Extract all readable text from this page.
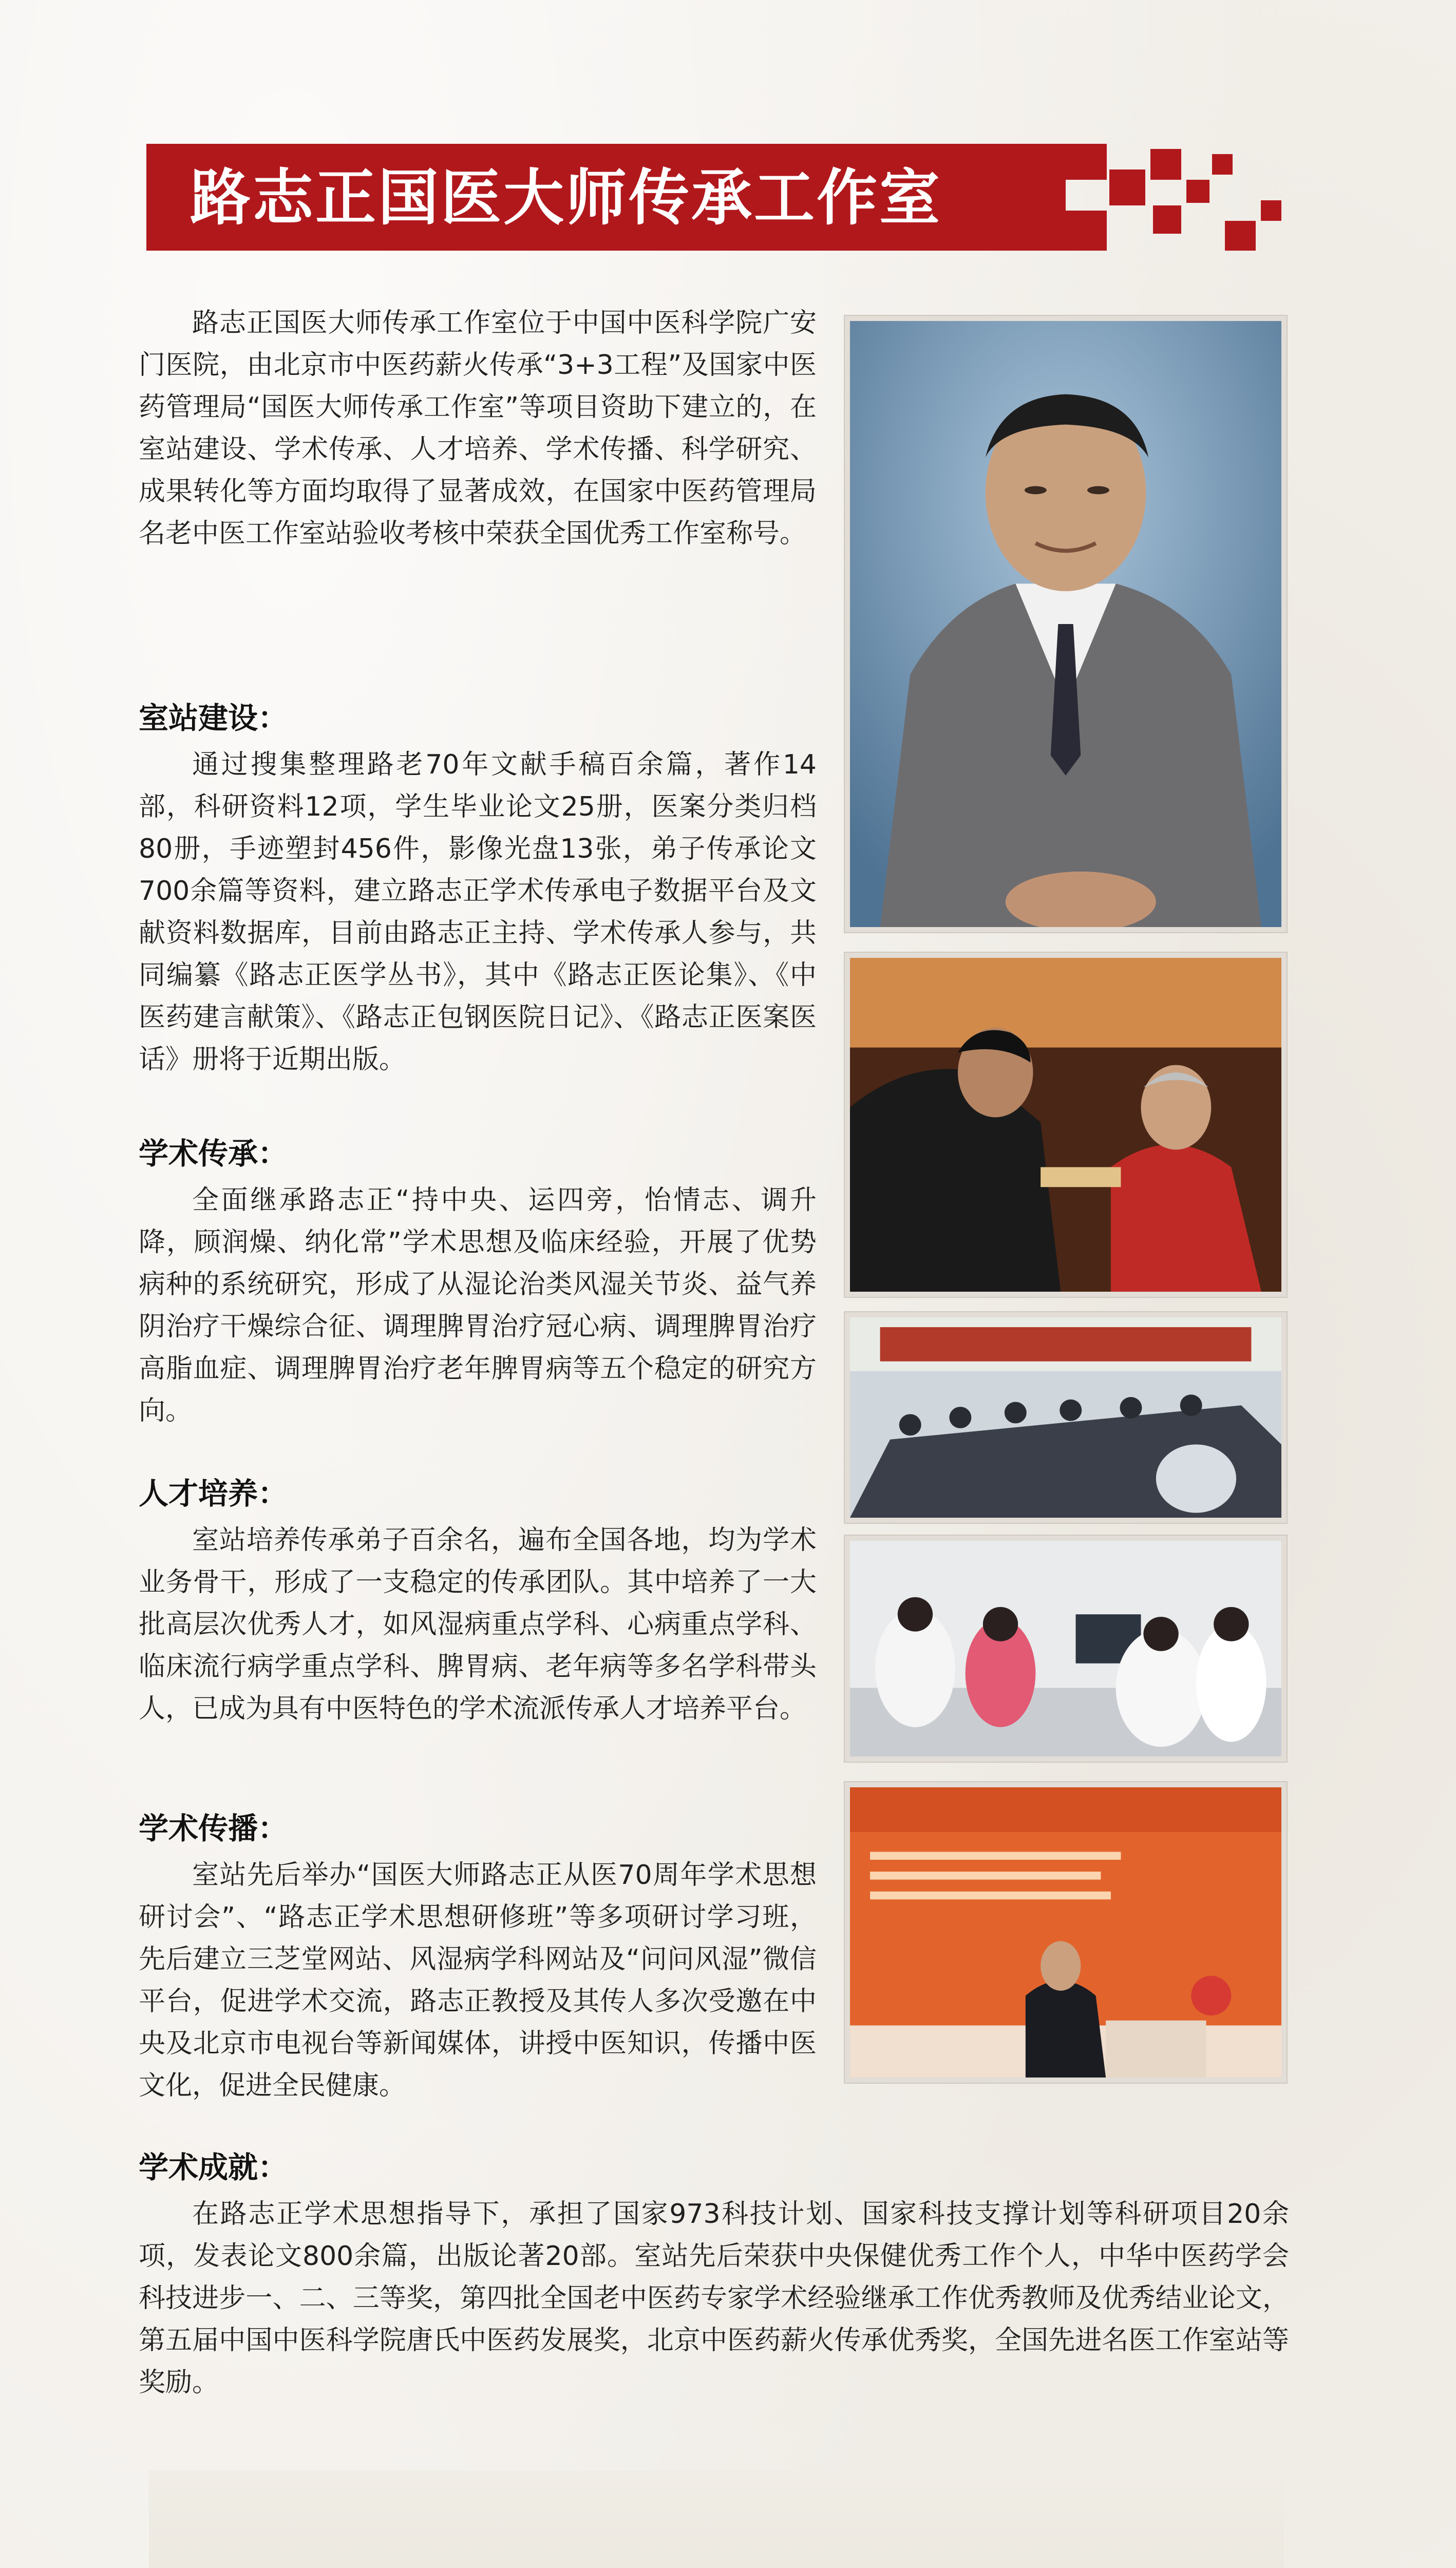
路志正国医大师传承工作室

路志正国医大师传承工作室位于中国中医科学院广安门医院，由北京市中医药薪火传承“3+3工程”及国家中医药管理局“国医大师传承工作室”等项目资助下建立的，在室站建设、学术传承、人才培养、学术传播、科学研究、成果转化等方面均取得了显著成效，在国家中医药管理局名老中医工作室站验收考核中荣获全国优秀工作室称号。

室站建设：

通过搜集整理路老70年文献手稿百余篇，著作14部，科研资料12项，学生毕业论文25册，医案分类归档80册，手迹塑封456件，影像光盘13张，弟子传承论文700余篇等资料，建立路志正学术传承电子数据平台及文献资料数据库，目前由路志正主持、学术传承人参与，共同编纂《路志正医学丛书》，其中《路志正医论集》、《中医药建言献策》、《路志正包钢医院日记》、《路志正医案医话》册将于近期出版。

学术传承：

全面继承路志正“持中央、运四旁，怡情志、调升降，顾润燥、纳化常”学术思想及临床经验，开展了优势病种的系统研究，形成了从湿论治类风湿关节炎、益气养阴治疗干燥综合征、调理脾胃治疗冠心病、调理脾胃治疗高脂血症、调理脾胃治疗老年脾胃病等五个稳定的研究方向。

人才培养：

室站培养传承弟子百余名，遍布全国各地，均为学术业务骨干，形成了一支稳定的传承团队。其中培养了一大批高层次优秀人才，如风湿病重点学科、心病重点学科、临床流行病学重点学科、脾胃病、老年病等多名学科带头人，已成为具有中医特色的学术流派传承人才培养平台。

学术传播：

室站先后举办“国医大师路志正从医70周年学术思想研讨会”、“路志正学术思想研修班”等多项研讨学习班，先后建立三芝堂网站、风湿病学科网站及“问问风湿”微信平台，促进学术交流，路志正教授及其传人多次受邀在中央及北京市电视台等新闻媒体，讲授中医知识，传播中医文化，促进全民健康。

学术成就：

在路志正学术思想指导下，承担了国家973科技计划、国家科技支撑计划等科研项目20余项，发表论文800余篇，出版论著20部。室站先后荣获中央保健优秀工作个人，中华中医药学会科技进步一、二、三等奖，第四批全国老中医药专家学术经验继承工作优秀教师及优秀结业论文，第五届中国中医科学院唐氏中医药发展奖，北京中医药薪火传承优秀奖，全国先进名医工作室站等奖励。
